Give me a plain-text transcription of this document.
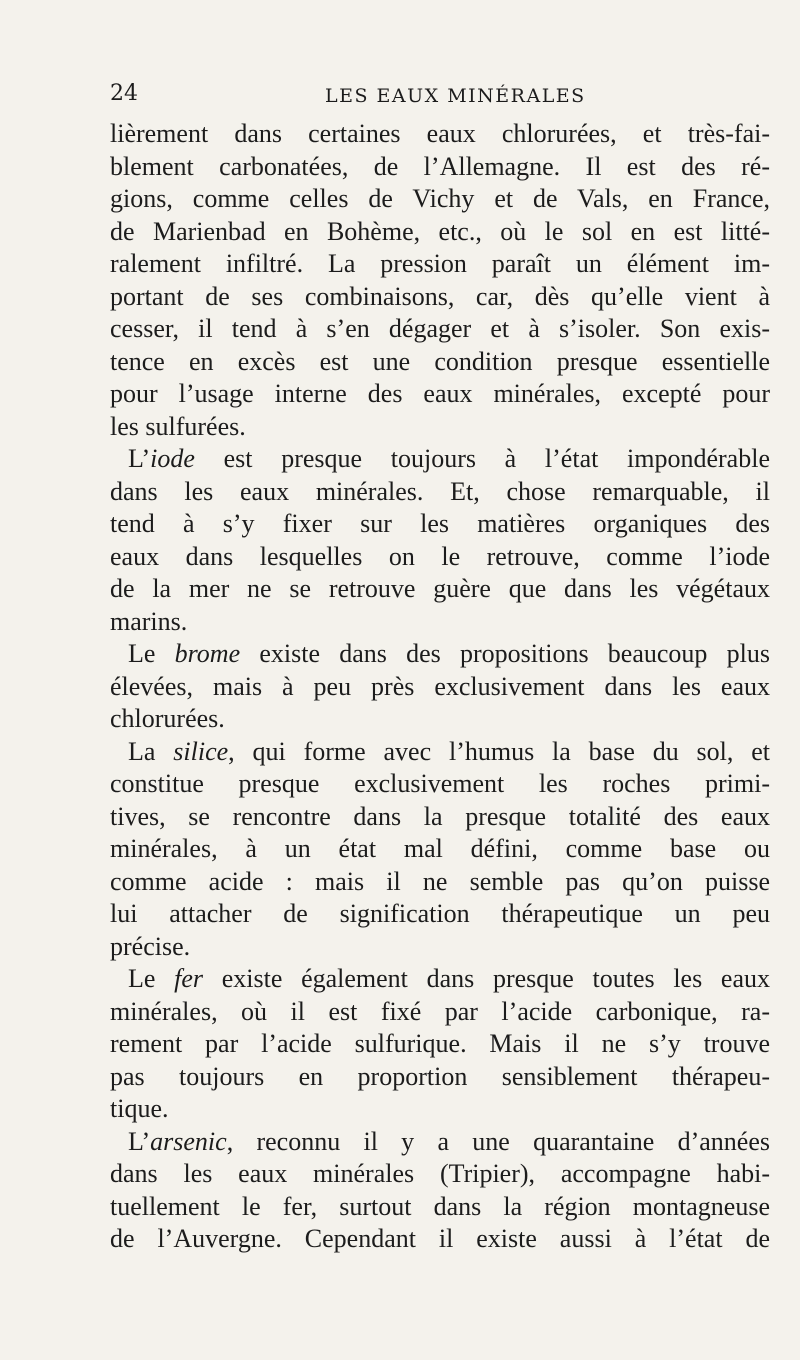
24	LES EAUX MINÉRALES
lièrement dans certaines eaux chlorurées, et très-fai-
blement carbonatées, de l’Allemagne. Il est des ré-
gions, comme celles de Vichy et de Vals, en France,
de Marienbad en Bohème, etc., où le sol en est litté-
ralement infiltré. La pression paraît un élément im-
portant de ses combinaisons, car, dès qu’elle vient à
cesser, il tend à s’en dégager et à s’isoler. Son exis-
tence en excès est une condition presque essentielle
pour l’usage interne des eaux minérales, excepté pour
les sulfurées.
L’iode est presque toujours à l’état impondérable
dans les eaux minérales. Et, chose remarquable, il
tend à s’y fixer sur les matières organiques des
eaux dans lesquelles on le retrouve, comme l’iode
de la mer ne se retrouve guère que dans les végétaux
marins.
Le brome existe dans des propositions beaucoup plus
élevées, mais à peu près exclusivement dans les eaux
chlorurées.
La silice, qui forme avec l’humus la base du sol, et
constitue presque exclusivement les roches primi-
tives, se rencontre dans la presque totalité des eaux
minérales, à un état mal défini, comme base ou
comme acide : mais il ne semble pas qu’on puisse
lui attacher de signification thérapeutique un peu
précise.
Le fer existe également dans presque toutes les eaux
minérales, où il est fixé par l’acide carbonique, ra-
rement par l’acide sulfurique. Mais il ne s’y trouve
pas toujours en proportion sensiblement thérapeu-
tique.
L’arsenic, reconnu il y a une quarantaine d’années
dans les eaux minérales (Tripier), accompagne habi-
tuellement le fer, surtout dans la région montagneuse
de l’Auvergne. Cependant il existe aussi à l’état de
